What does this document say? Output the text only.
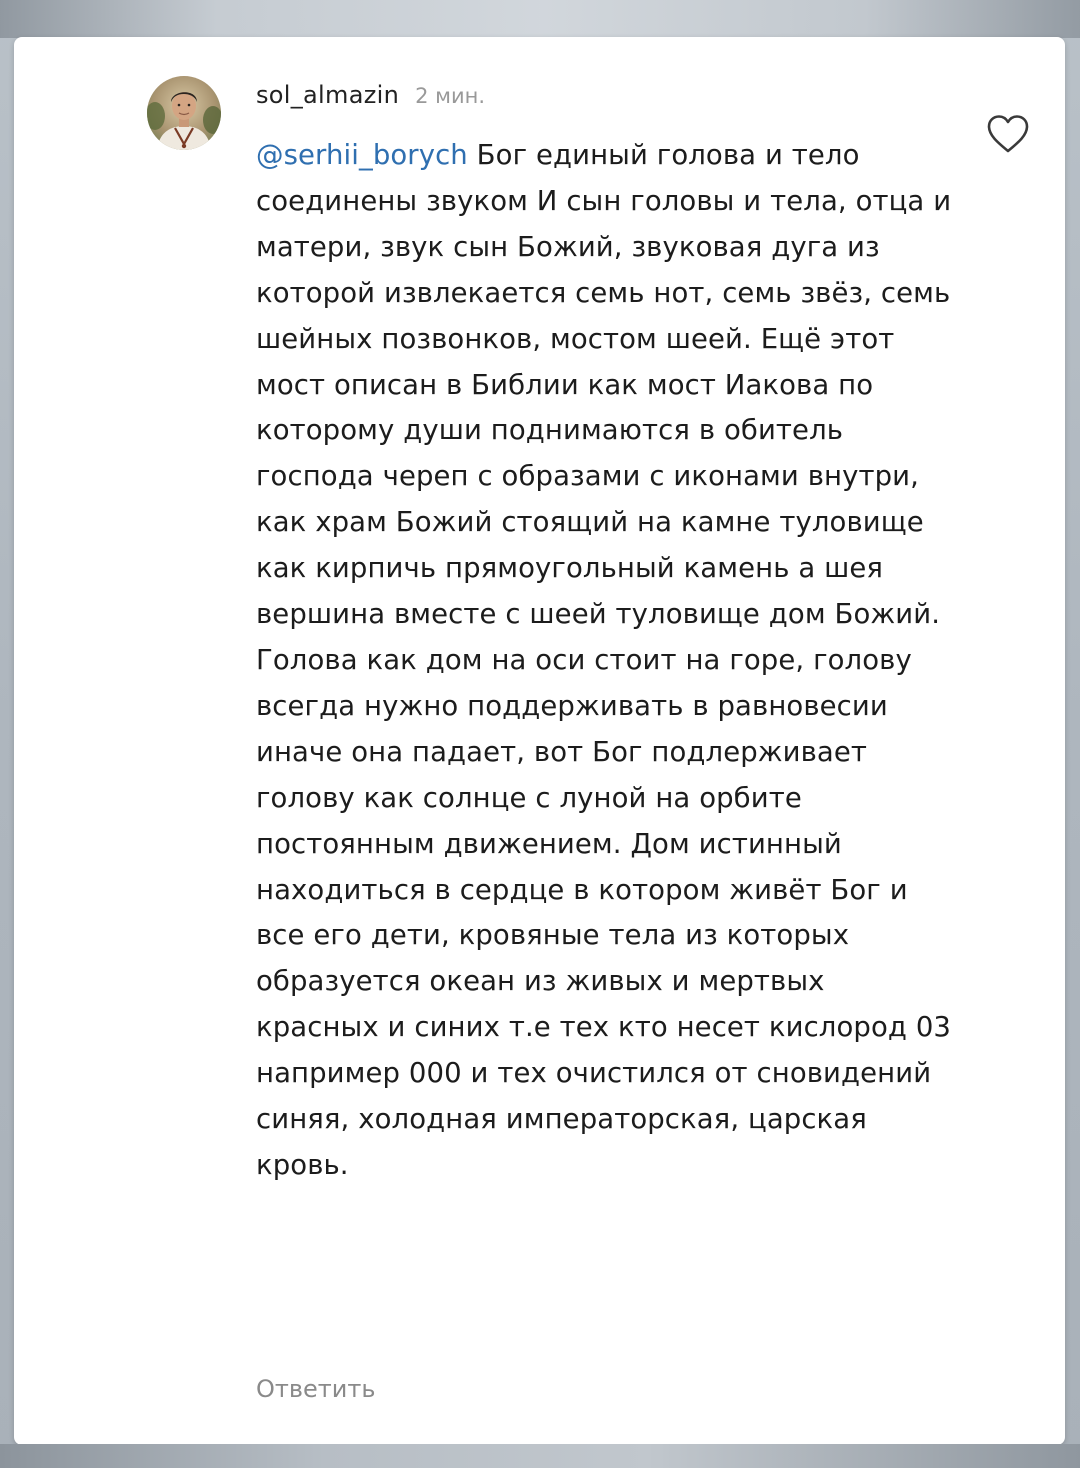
sol_almazin 2 мин.

@serhii_borych Бог единый голова и тело соединены звуком И сын головы и тела, отца и матери, звук сын Божий, звуковая дуга из которой извлекается семь нот, семь звёз, семь шейных позвонков, мостом шеей. Ещё этот мост описан в Библии как мост Иакова по которому души поднимаются в обитель господа череп с образами с иконами внутри, как храм Божий стоящий на камне туловище как кирпичь прямоугольный камень а шея вершина вместе с шеей туловище дом Божий. Голова как дом на оси стоит на горе, голову всегда нужно поддерживать в равновесии иначе она падает, вот Бог подлерживает голову как солнце с луной на орбите постоянным движением. Дом истинный находиться в сердце в котором живёт Бог и все его дети, кровяные тела из которых образуется океан из живых и мертвых красных и синих т.е тех кто несет кислород 03 например 000 и тех очистился от сновидений синяя, холодная императорская, царская кровь.

Ответить
